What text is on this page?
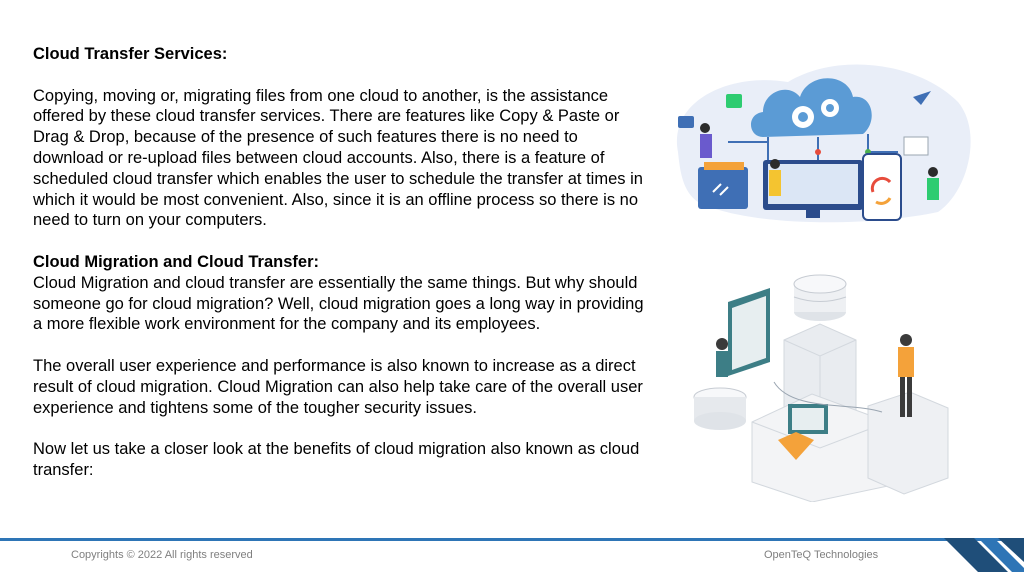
Cloud Transfer Services:

Copying, moving or, migrating files from one cloud to another, is the assistance offered by these cloud transfer services. There are features like Copy & Paste or Drag & Drop, because of the presence of such features there is no need to download or re-upload files between cloud accounts. Also, there is a feature of scheduled cloud transfer which enables the user to schedule the transfer at times in which it would be most convenient. Also, since it is an offline process so there is no need to turn on your computers.

Cloud Migration and Cloud Transfer:

Cloud Migration and cloud transfer are essentially the same things. But why should someone go for cloud migration? Well, cloud migration goes a long way in providing a more flexible work environment for the company and its employees.

The overall user experience and performance is also known to increase as a direct result of cloud migration. Cloud Migration can also help take care of the overall user experience and tightens some of the tougher security issues.

Now let us take a closer look at the benefits of cloud migration also known as cloud transfer:

Copyrights © 2022 All rights reserved	OpenTeQ Technologies
